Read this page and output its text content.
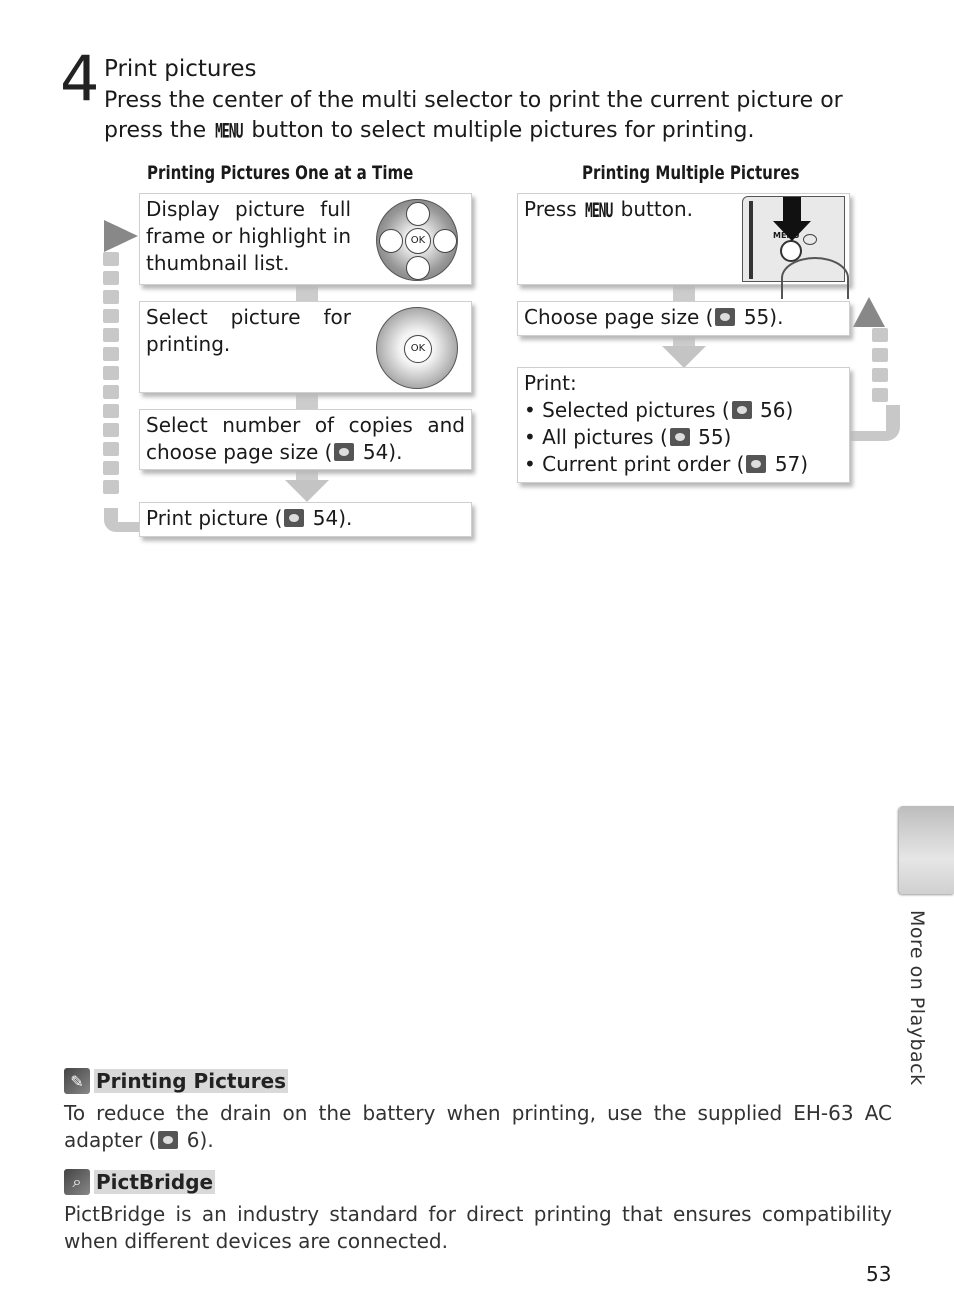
4 Print pictures
Press the center of the multi selector to print the current picture or press the MENU button to select multiple pictures for printing.
Printing Pictures One at a Time	Printing Multiple Pictures
Display picture full frame or highlight in thumbnail list.
OK
Select picture for printing.	OK
Select number of copies and choose page size ( 54).
Print picture ( 54).
Press MENU button.
MENU
Choose page size ( 55).
Print:
• Selected pictures ( 56)
• All pictures ( 55)
• Current print order ( 57)
More on Playback
✎ Printing Pictures
To reduce the drain on the battery when printing, use the supplied EH-63 AC adapter ( 6).
⌕ PictBridge
PictBridge is an industry standard for direct printing that ensures compatibility when different devices are connected.
53
